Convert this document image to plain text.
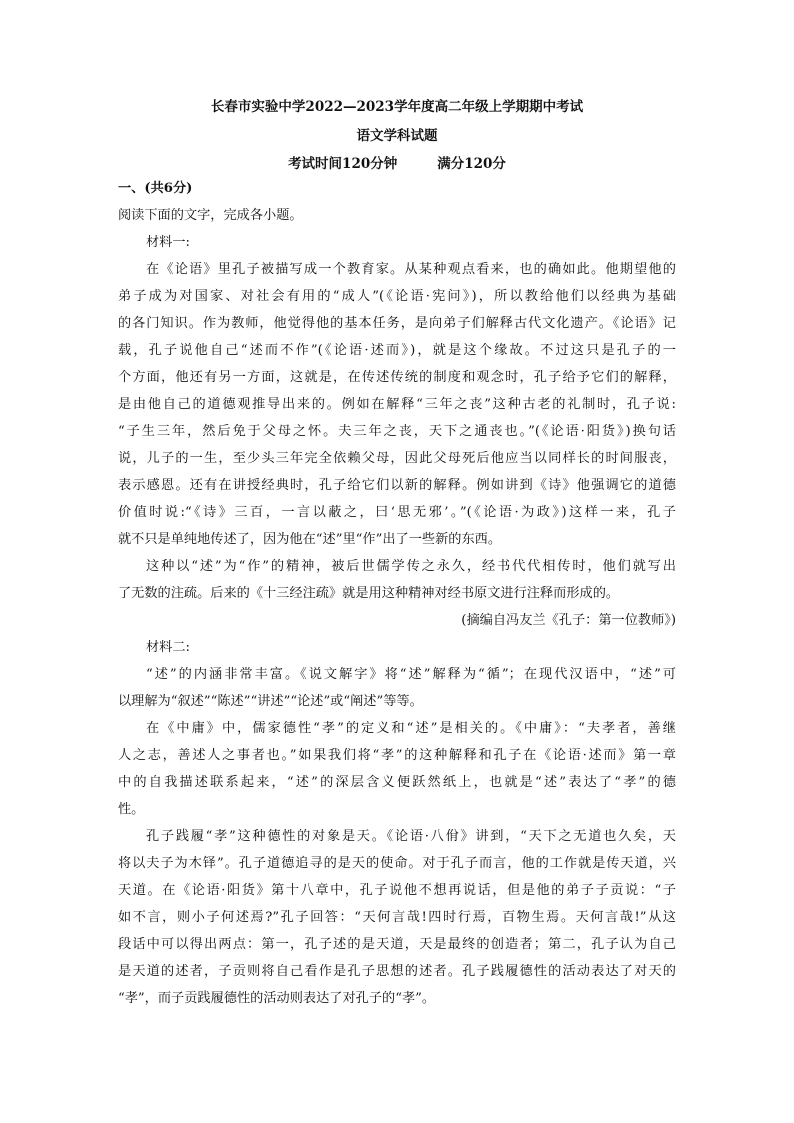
长春市实验中学2022—2023学年度高二年级上学期期中考试
语文学科试题
考试时间120分钟	满分120分
一、(共6分)
阅读下面的文字，完成各小题。
材料一:
在《论语》里孔子被描写成一个教育家。从某种观点看来，也的确如此。他期望他的
弟子成为对国家、对社会有用的“成人”(《论语·宪问》)，所以教给他们以经典为基础
的各门知识。作为教师，他觉得他的基本任务，是向弟子们解释古代文化遗产。《论语》记
载，孔子说他自己“述而不作”(《论语·述而》)，就是这个缘故。不过这只是孔子的一
个方面，他还有另一方面，这就是，在传述传统的制度和观念时，孔子给予它们的解释，
是由他自己的道德观推导出来的。例如在解释“三年之丧”这种古老的礼制时，孔子说:
“子生三年，然后免于父母之怀。夫三年之丧，天下之通丧也。”(《论语·阳货》)换句话
说，儿子的一生，至少头三年完全依赖父母，因此父母死后他应当以同样长的时间服丧，
表示感恩。还有在讲授经典时，孔子给它们以新的解释。例如讲到《诗》他强调它的道德
价值时说:“《诗》三百，一言以蔽之，曰‘思无邪’。”(《论语·为政》)这样一来，孔子
就不只是单纯地传述了，因为他在“述”里“作”出了一些新的东西。
这种以“述”为“作”的精神，被后世儒学传之永久，经书代代相传时，他们就写出
了无数的注疏。后来的《十三经注疏》就是用这种精神对经书原文进行注释而形成的。
(摘编自冯友兰《孔子：第一位教师》)
材料二:
“述”的内涵非常丰富。《说文解字》将“述”解释为“循”；在现代汉语中，“述”可
以理解为“叙述”“陈述”“讲述”“论述”或“阐述”等等。
在《中庸》中，儒家德性“孝”的定义和“述”是相关的。《中庸》：“夫孝者，善继
人之志，善述人之事者也。”如果我们将“孝”的这种解释和孔子在《论语·述而》第一章
中的自我描述联系起来，“述”的深层含义便跃然纸上，也就是“述”表达了“孝”的德
性。
孔子践履“孝”这种德性的对象是天。《论语·八佾》讲到，“天下之无道也久矣，天
将以夫子为木铎”。孔子道德追寻的是天的使命。对于孔子而言，他的工作就是传天道，兴
天道。在《论语·阳货》第十八章中，孔子说他不想再说话，但是他的弟子子贡说：“子
如不言，则小子何述焉?”孔子回答：“天何言哉!四时行焉，百物生焉。天何言哉!”从这
段话中可以得出两点：第一，孔子述的是天道，天是最终的创造者；第二，孔子认为自己
是天道的述者，子贡则将自己看作是孔子思想的述者。孔子践履德性的活动表达了对天的
“孝”，而子贡践履德性的活动则表达了对孔子的“孝”。
